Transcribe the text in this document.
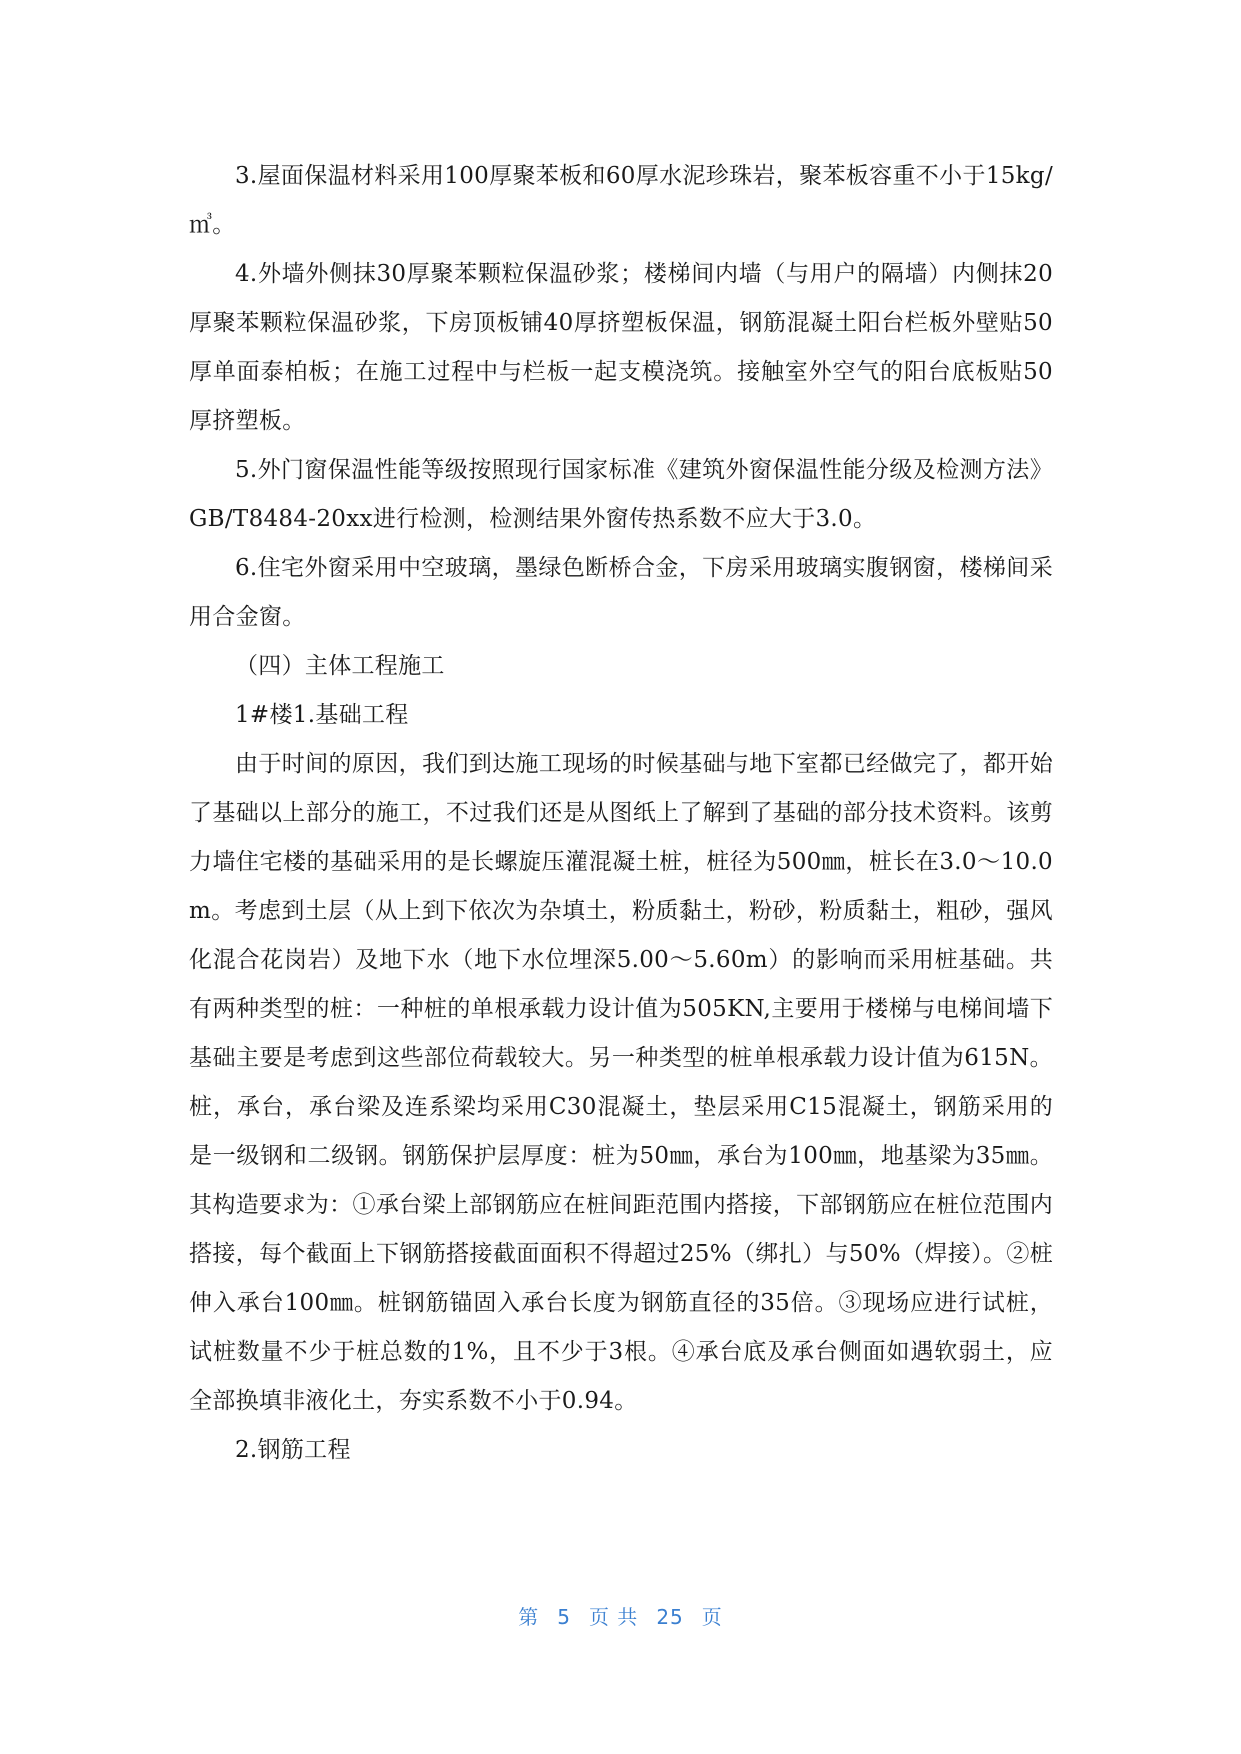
3.屋面保温材料采用100厚聚苯板和60厚水泥珍珠岩，聚苯板容重不小于15kg/㎥。

4.外墙外侧抹30厚聚苯颗粒保温砂浆；楼梯间内墙（与用户的隔墙）内侧抹20厚聚苯颗粒保温砂浆，下房顶板铺40厚挤塑板保温，钢筋混凝土阳台栏板外壁贴50厚单面泰柏板；在施工过程中与栏板一起支模浇筑。接触室外空气的阳台底板贴50厚挤塑板。

5.外门窗保温性能等级按照现行国家标准《建筑外窗保温性能分级及检测方法》GB/T8484-20xx进行检测，检测结果外窗传热系数不应大于3.0。

6.住宅外窗采用中空玻璃，墨绿色断桥合金，下房采用玻璃实腹钢窗，楼梯间采用合金窗。

（四）主体工程施工

1#楼1.基础工程

由于时间的原因，我们到达施工现场的时候基础与地下室都已经做完了，都开始了基础以上部分的施工，不过我们还是从图纸上了解到了基础的部分技术资料。该剪力墙住宅楼的基础采用的是长螺旋压灌混凝土桩，桩径为500㎜，桩长在3.0～10.0m。考虑到土层（从上到下依次为杂填土，粉质黏土，粉砂，粉质黏土，粗砂，强风化混合花岗岩）及地下水（地下水位埋深5.00～5.60m）的影响而采用桩基础。共有两种类型的桩：一种桩的单根承载力设计值为505KN,主要用于楼梯与电梯间墙下基础主要是考虑到这些部位荷载较大。另一种类型的桩单根承载力设计值为615N。桩，承台，承台梁及连系梁均采用C30混凝土，垫层采用C15混凝土，钢筋采用的是一级钢和二级钢。钢筋保护层厚度：桩为50㎜，承台为100㎜，地基梁为35㎜。其构造要求为：①承台梁上部钢筋应在桩间距范围内搭接，下部钢筋应在桩位范围内搭接，每个截面上下钢筋搭接截面面积不得超过25%（绑扎）与50%（焊接）。②桩伸入承台100㎜。桩钢筋锚固入承台长度为钢筋直径的35倍。③现场应进行试桩，试桩数量不少于桩总数的1%，且不少于3根。④承台底及承台侧面如遇软弱土，应全部换填非液化土，夯实系数不小于0.94。

2.钢筋工程

第 5 页 共 25 页
